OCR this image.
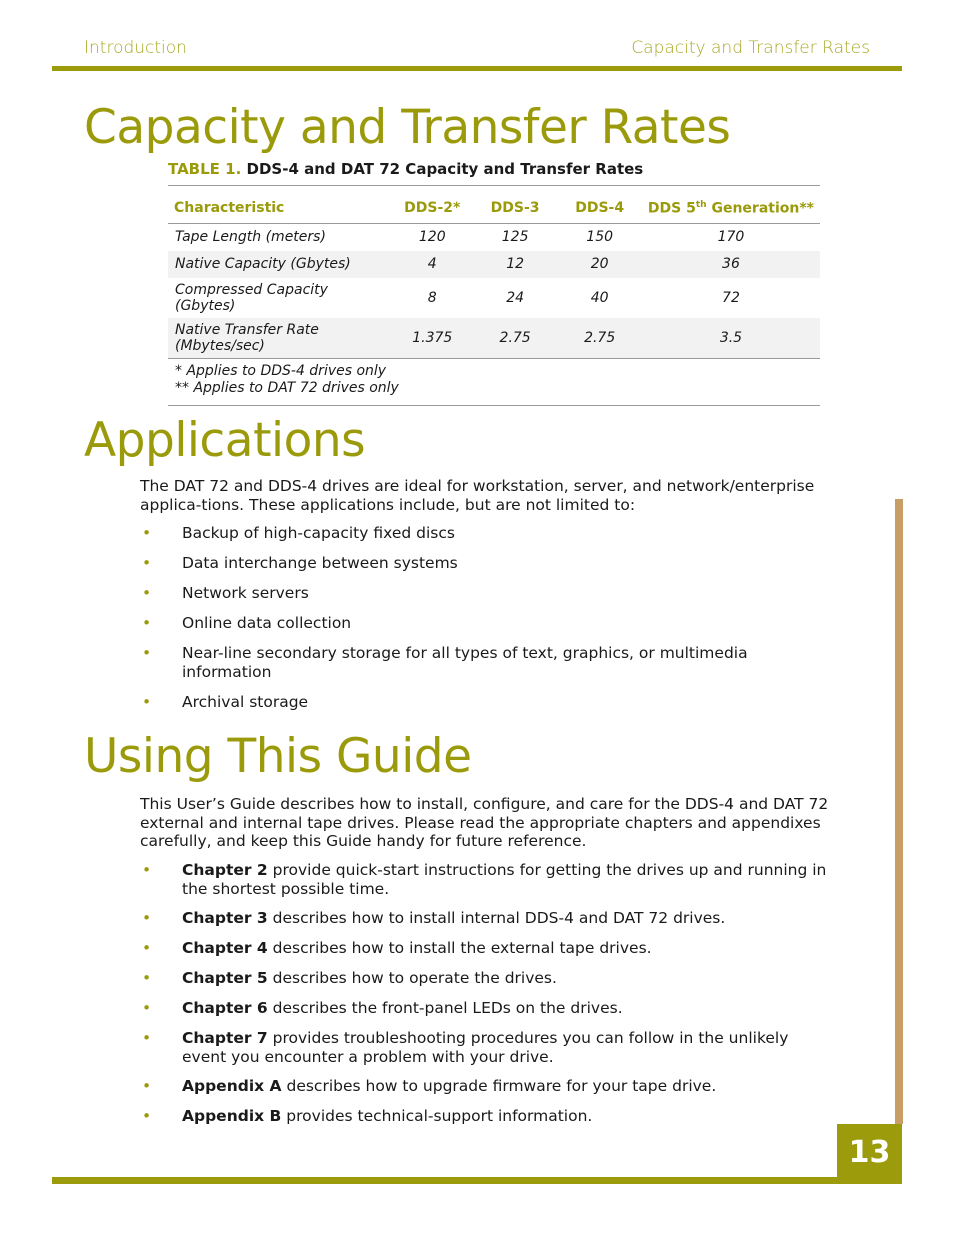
Introduction	Capacity and Transfer Rates
Capacity and Transfer Rates
TABLE 1. DDS-4 and DAT 72 Capacity and Transfer Rates
Characteristic	DDS-2*	DDS-3	DDS-4	DDS 5th Generation**
Tape Length (meters)	120	125	150	170
Native Capacity (Gbytes)	4	12	20	36
Compressed Capacity (Gbytes)	8	24	40	72
Native Transfer Rate (Mbytes/sec)	1.375	2.75	2.75	3.5

* Applies to DDS-4 drives only
** Applies to DAT 72 drives only				
Applications

The DAT 72 and DDS-4 drives are ideal for workstation, server, and network/enterprise applica-tions. These applications include, but are not limited to:

• Backup of high-capacity fixed discs
• Data interchange between systems
• Network servers
• Online data collection
• Near-line secondary storage for all types of text, graphics, or multimedia information
• Archival storage
Using This Guide

This User’s Guide describes how to install, configure, and care for the DDS-4 and DAT 72 external and internal tape drives. Please read the appropriate chapters and appendixes carefully, and keep this Guide handy for future reference.

• Chapter 2 provide quick-start instructions for getting the drives up and running in the shortest possible time.
• Chapter 3 describes how to install internal DDS-4 and DAT 72 drives.
• Chapter 4 describes how to install the external tape drives.
• Chapter 5 describes how to operate the drives.
• Chapter 6 describes the front-panel LEDs on the drives.
• Chapter 7 provides troubleshooting procedures you can follow in the unlikely event you encounter a problem with your drive.
• Appendix A describes how to upgrade firmware for your tape drive.
• Appendix B provides technical-support information.
13
